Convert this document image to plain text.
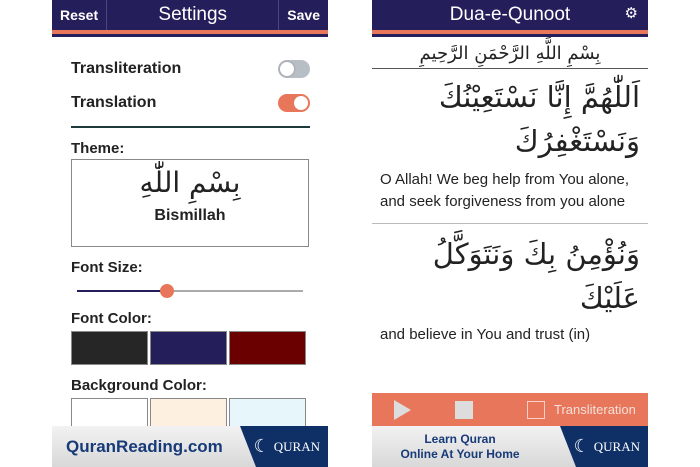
Reset	Settings	Save
Transliteration
Translation
Theme:
بِسْمِ اللّٰهِ
Bismillah
Font Size:
Font Color:
Background Color:
QuranReading.com ☾ QURAN
Dua-e-Qunoot	⚙
بِسْمِ اللَّهِ الرَّحْمَنِ الرَّحِيمِ
اَللّٰهُمَّ إِنَّا نَسْتَعِيْنُكَ وَنَسْتَغْفِرُكَ
O Allah! We beg help from You alone, and seek forgiveness from you alone
وَنُؤْمِنُ بِكَ وَنَتَوَكَّلُ عَلَيْكَ
and believe in You and trust (in)
Transliteration
Learn Quran
Online At Your Home	☾ QURAN
